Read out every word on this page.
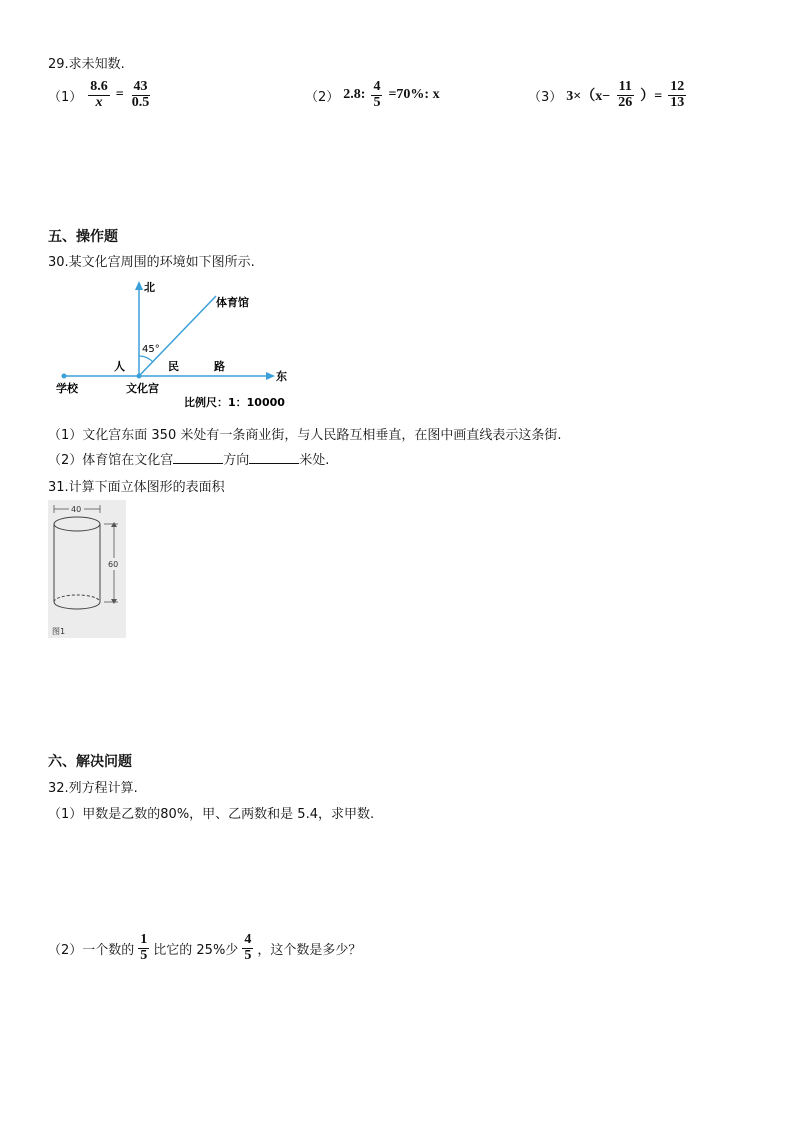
29.求未知数.
$(1) \frac{8.6}{x} = \frac{43}{0.5}$	（2） 2.8: $\frac{4}{5} =70\%$: x	（3） $3\times(x- \frac{11}{26}$ ）= $\frac{12}{13}$
五、操作题
30.某文化宫周围的环境如下图所示.
北
东
体育馆
45°
人	民	路
学校	文化宫
比例尺：1：10000
（1）文化宫东面 350 米处有一条商业街，与人民路互相垂直，在图中画直线表示这条街.
（2）体育馆在文化宫	方向	米处.
31.计算下面立体图形的表面积
40
60
图1
六、解决问题
32.列方程计算.
（1）甲数是乙数的80%，甲、乙两数和是 5.4，求甲数.
（2）一个数的 $\frac{1}{5}$ 比它的 25%少 $\frac{4}{5}$ ，这个数是多少？
